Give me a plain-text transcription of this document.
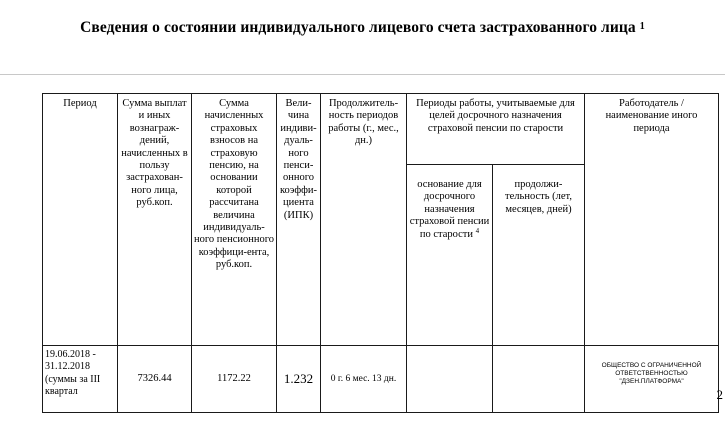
Сведения о состоянии индивидуального лицевого счета застрахованного лица $^1$
Период	Сумма выплат и иных вознаграж-дений, начисленных в пользу застрахован-ного лица, руб.коп.	Сумма начисленных страховых взносов на страховую пенсию, на основании которой рассчитана величина индивидуаль-ного пенсионного коэффици-ента, руб.коп.	Вели-чина индиви-дуаль-ного пенси-онного коэффи-циента (ИПК)	Продолжитель-ность периодов работы (г., мес., дн.)	Периоды работы, учитываемые для целей досрочного назначения страховой пенсии по старости		Работодатель / наименование иного периода
					основание для досрочного назначения страховой пенсии по старости $^4$	продолжи-тельность (лет, месяцев, дней)	
19.06.2018 - 31.12.2018 (суммы за III квартал	7326.44	1172.22	1.232	0 г. 6 мес. 13 дн.			ОБЩЕСТВО С ОГРАНИЧЕННОЙ ОТВЕТСТВЕННОСТЬЮ "ДЗЕН.ПЛАТФОРМА"
2
